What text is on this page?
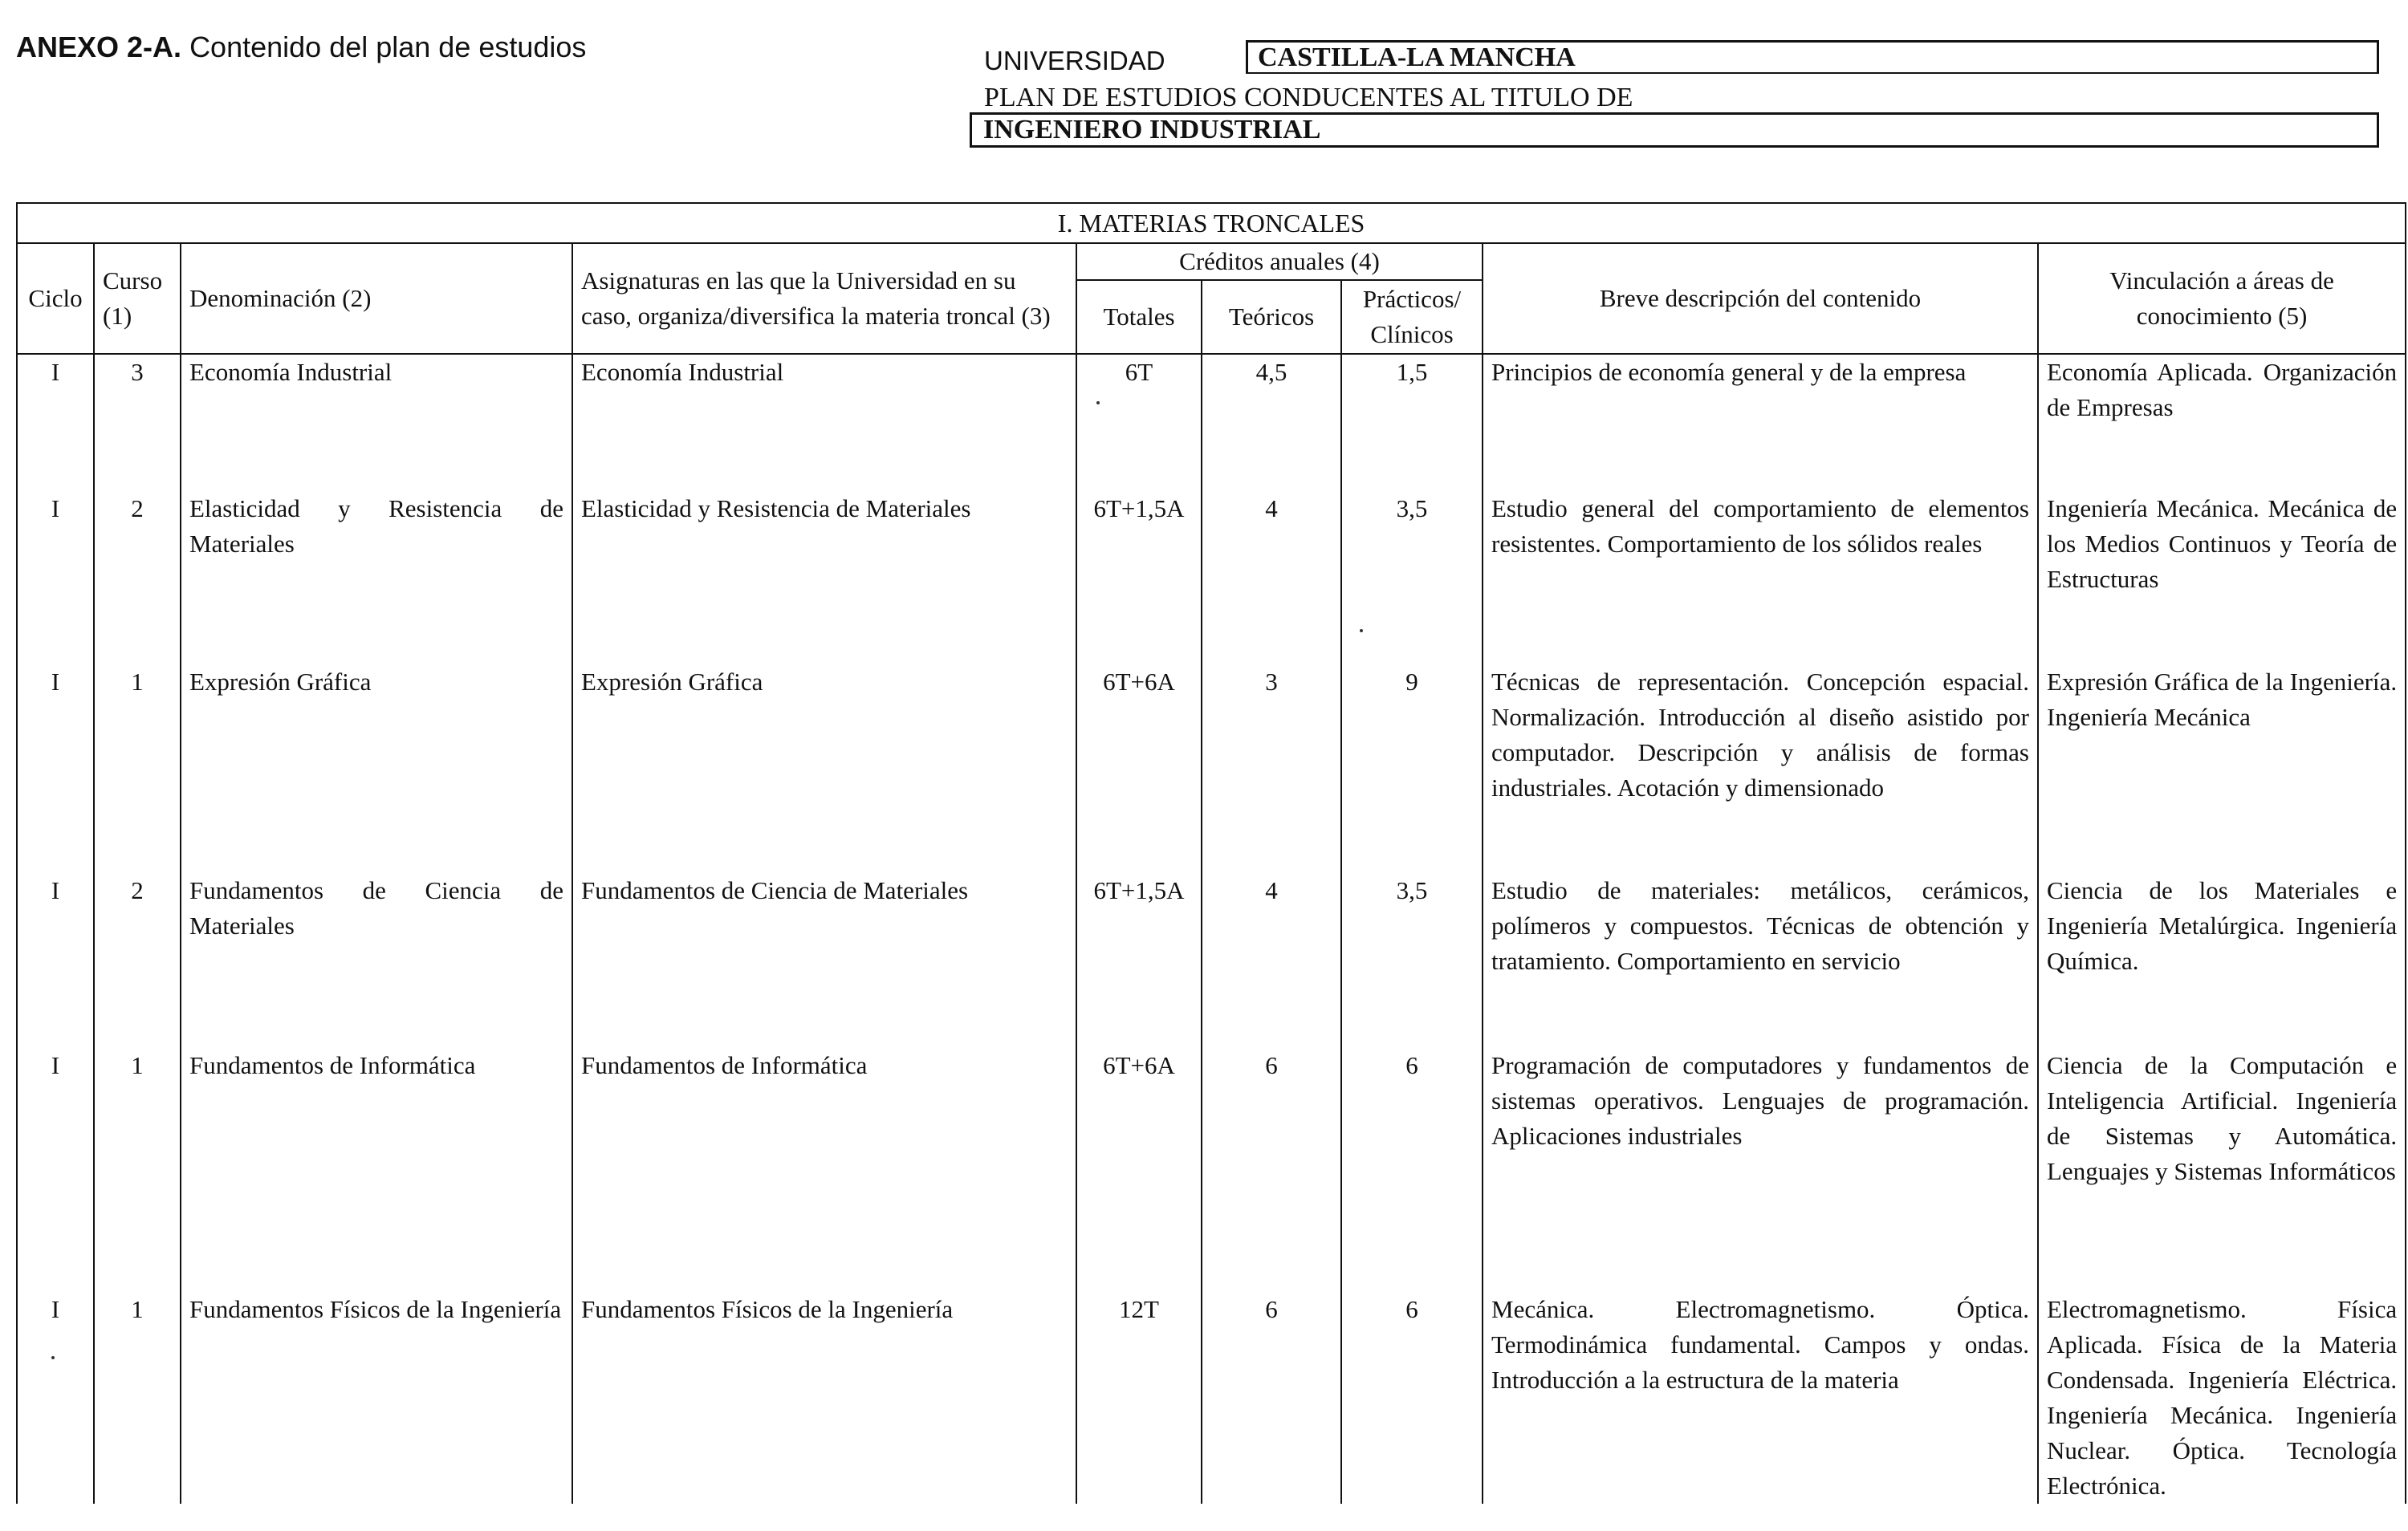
ANEXO 2-A. Contenido del plan de estudios	UNIVERSIDAD	CASTILLA-LA MANCHA
PLAN DE ESTUDIOS CONDUCENTES AL TITULO DE
INGENIERO INDUSTRIAL
I. MATERIAS TRONCALES								
Ciclo	Curso (1)	Denominación (2)	Asignaturas en las que la Universidad en su caso, organiza/diversifica la materia troncal (3)	Créditos anuales (4)			Breve descripción del contenido	Vinculación a áreas de conocimiento (5)
				Totales	Teóricos	Prácticos/ Clínicos		
I	3	Economía Industrial	Economía Industrial	6T	4,5	1,5	Principios de economía general y de la empresa	Economía Aplicada. Organización de Empresas
I	2	Elasticidad y Resistencia de Materiales	Elasticidad y Resistencia de Materiales	6T+1,5A	4	3,5	Estudio general del comportamiento de elementos resistentes. Comportamiento de los sólidos reales	Ingeniería Mecánica. Mecánica de los Medios Continuos y Teoría de Estructuras
I	1	Expresión Gráfica	Expresión Gráfica	6T+6A	3	9	Técnicas de representación. Concepción espacial. Normalización. Introducción al diseño asistido por computador. Descripción y análisis de formas industriales. Acotación y dimensionado	Expresión Gráfica de la Ingeniería. Ingeniería Mecánica
I	2	Fundamentos de Ciencia de Materiales	Fundamentos de Ciencia de Materiales	6T+1,5A	4	3,5	Estudio de materiales: metálicos, cerámicos, polímeros y compuestos. Técnicas de obtención y tratamiento. Comportamiento en servicio	Ciencia de los Materiales e Ingeniería Metalúrgica. Ingeniería Química.
I	1	Fundamentos de Informática	Fundamentos de Informática	6T+6A	6	6	Programación de computadores y fundamentos de sistemas operativos. Lenguajes de programación. Aplicaciones industriales	Ciencia de la Computación e Inteligencia Artificial. Ingeniería de Sistemas y Automática. Lenguajes y Sistemas Informáticos
I	1	Fundamentos Físicos de la Ingeniería	Fundamentos Físicos de la Ingeniería	12T	6	6	Mecánica. Electromagnetismo. Óptica. Termodinámica fundamental. Campos y ondas. Introducción a la estructura de la materia	Electromagnetismo. Física Aplicada. Física de la Materia Condensada. Ingeniería Eléctrica. Ingeniería Mecánica. Ingeniería Nuclear. Óptica. Tecnología Electrónica.
